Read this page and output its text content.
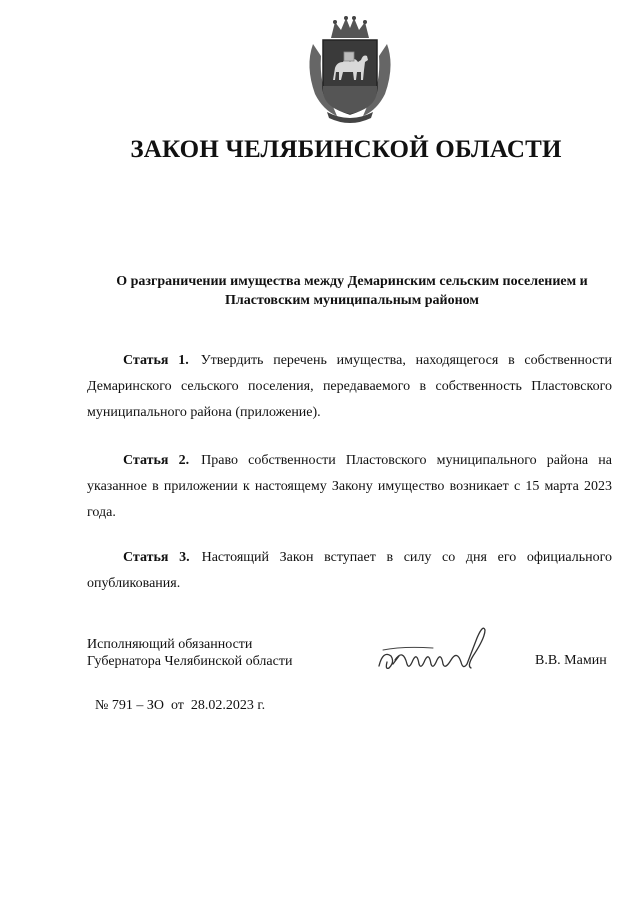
ЗАКОН ЧЕЛЯБИНСКОЙ ОБЛАСТИ
О разграничении имущества между Демаринским сельским поселением и
Пластовским муниципальным районом
Статья 1. Утвердить перечень имущества, находящегося в собственности Демаринского сельского поселения, передаваемого в собственность Пластовского муниципального района (приложение).
Статья 2. Право собственности Пластовского муниципального района на указанное в приложении к настоящему Закону имущество возникает с 15 марта 2023 года.
Статья 3. Настоящий Закон вступает в силу со дня его официального опубликования.
Исполняющий обязанности
Губернатора Челябинской области	В.В. Мамин
№ 791 – ЗО от 28.02.2023 г.
